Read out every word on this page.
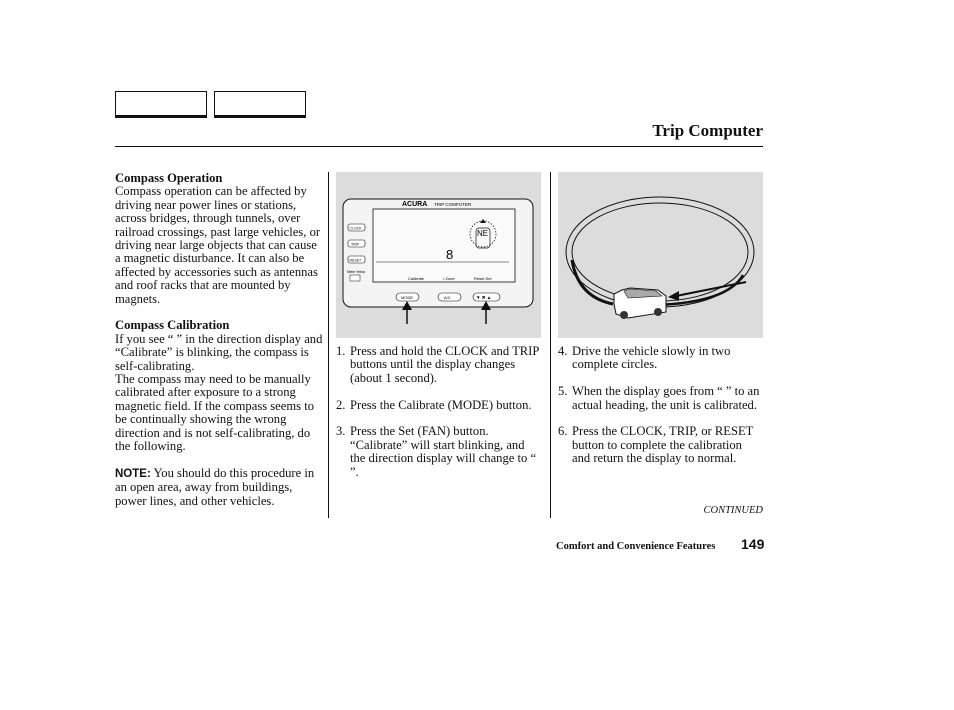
Trip Computer

Compass Operation

Compass operation can be affected by driving near power lines or stations, across bridges, through tunnels, over railroad crossings, past large vehicles, or driving near large objects that can cause a magnetic disturbance. It can also be affected by accessories such as antennas and roof racks that are mounted by magnets.

Compass Calibration

If you see “ ” in the direction display and “Calibrate” is blinking, the compass is self-calibrating.

The compass may need to be manually calibrated after exposure to a strong magnetic field. If the compass seems to be continually showing the wrong direction and is not self-calibrating, do the following.

NOTE: You should do this procedure in an open area, away from buildings, power lines, and other vehicles.

ACURA TRIP COMPUTER
CLOCK
TRIP
RESET
Meter Yellow
8
NE
Calibrate	• Zone	Reset Set
MODE	A/C	▼ ✖ ▲

1. Press and hold the CLOCK and TRIP buttons until the display changes (about 1 second).

2. Press the Calibrate (MODE) button.

3. Press the Set (FAN) button. “Calibrate” will start blinking, and the direction display will change to “ ”.

4. Drive the vehicle slowly in two complete circles.

5. When the display goes from “ ” to an actual heading, the unit is calibrated.

6. Press the CLOCK, TRIP, or RESET button to complete the calibration and return the display to normal.

CONTINUED
Comfort and Convenience Features 149
